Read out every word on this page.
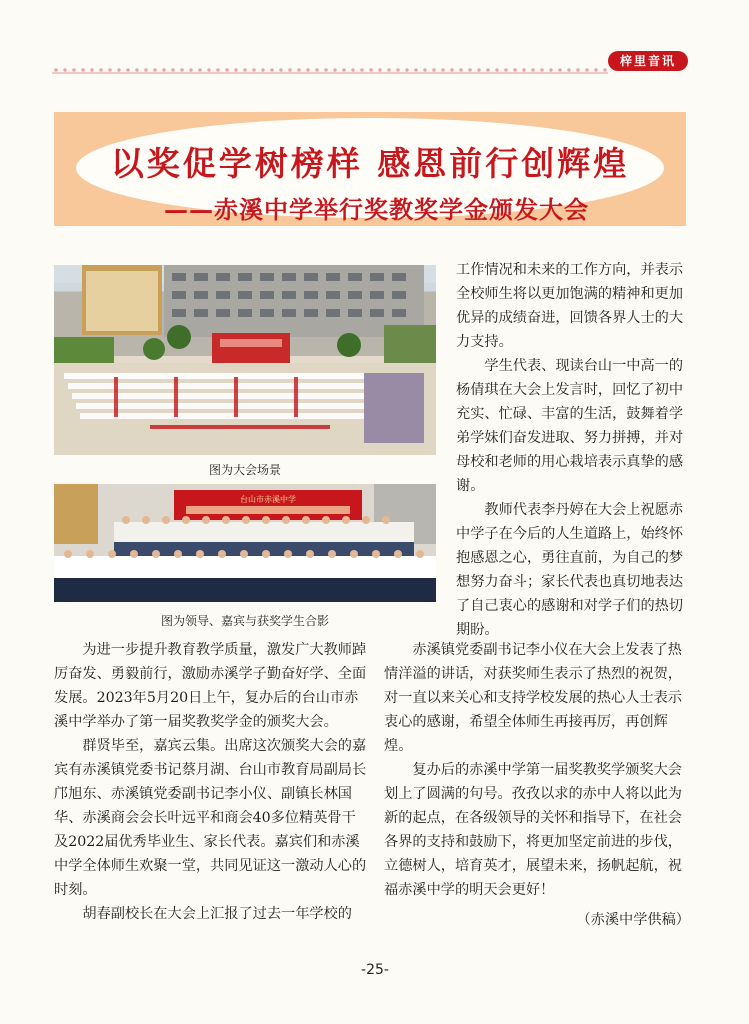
梓里音讯
以奖促学树榜样 感恩前行创辉煌
——赤溪中学举行奖教奖学金颁发大会
图为大会场景
台山市赤溪中学
图为领导、嘉宾与获奖学生合影

工作情况和未来的工作方向，并表示全校师生将以更加饱满的精神和更加优异的成绩奋进，回馈各界人士的大力支持。

学生代表、现读台山一中高一的杨倩琪在大会上发言时，回忆了初中充实、忙碌、丰富的生活，鼓舞着学弟学妹们奋发进取、努力拼搏，并对母校和老师的用心栽培表示真挚的感谢。

教师代表李丹婷在大会上祝愿赤中学子在今后的人生道路上，始终怀抱感恩之心，勇往直前，为自己的梦想努力奋斗；家长代表也真切地表达了自己衷心的感谢和对学子们的热切期盼。

为进一步提升教育教学质量，激发广大教师踔厉奋发、勇毅前行，激励赤溪学子勤奋好学、全面发展。2023年5月20日上午，复办后的台山市赤溪中学举办了第一届奖教奖学金的颁奖大会。

群贤毕至，嘉宾云集。出席这次颁奖大会的嘉宾有赤溪镇党委书记蔡月湖、台山市教育局副局长邝旭东、赤溪镇党委副书记李小仪、副镇长林国华、赤溪商会会长叶远平和商会40多位精英骨干及2022届优秀毕业生、家长代表。嘉宾们和赤溪中学全体师生欢聚一堂，共同见证这一激动人心的时刻。

胡春副校长在大会上汇报了过去一年学校的

赤溪镇党委副书记李小仪在大会上发表了热情洋溢的讲话，对获奖师生表示了热烈的祝贺，对一直以来关心和支持学校发展的热心人士表示衷心的感谢，希望全体师生再接再厉，再创辉煌。

复办后的赤溪中学第一届奖教奖学颁奖大会划上了圆满的句号。孜孜以求的赤中人将以此为新的起点，在各级领导的关怀和指导下，在社会各界的支持和鼓励下，将更加坚定前进的步伐，立德树人，培育英才，展望未来，扬帆起航，祝福赤溪中学的明天会更好！

（赤溪中学供稿）

-25-
